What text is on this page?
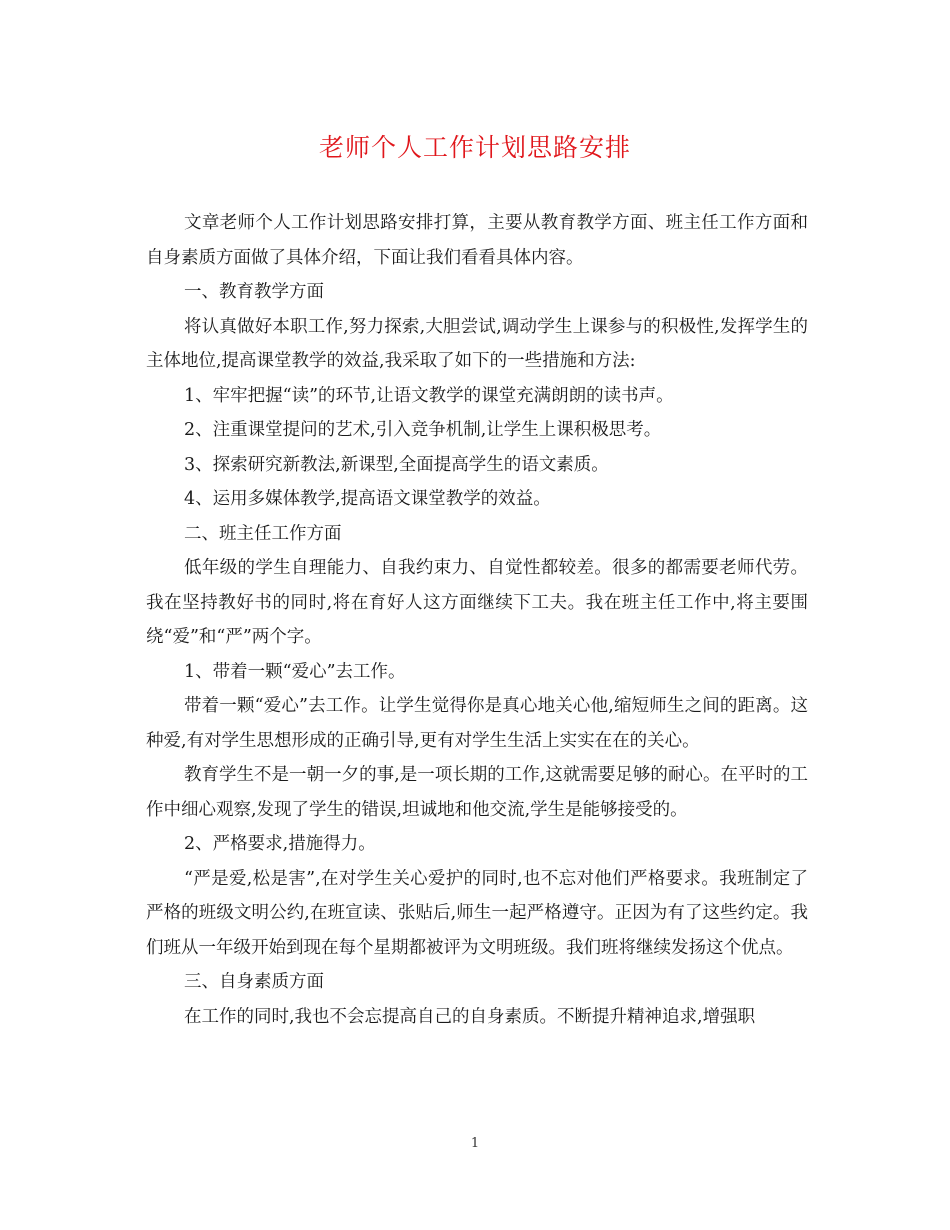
老师个人工作计划思路安排

文章老师个人工作计划思路安排打算，主要从教育教学方面、班主任工作方面和自身素质方面做了具体介绍，下面让我们看看具体内容。

一、教育教学方面

将认真做好本职工作,努力探索,大胆尝试,调动学生上课参与的积极性,发挥学生的主体地位,提高课堂教学的效益,我采取了如下的一些措施和方法:

1、牢牢把握“读”的环节,让语文教学的课堂充满朗朗的读书声。

2、注重课堂提问的艺术,引入竞争机制,让学生上课积极思考。

3、探索研究新教法,新课型,全面提高学生的语文素质。

4、运用多媒体教学,提高语文课堂教学的效益。

二、班主任工作方面

低年级的学生自理能力、自我约束力、自觉性都较差。很多的都需要老师代劳。我在坚持教好书的同时,将在育好人这方面继续下工夫。我在班主任工作中,将主要围绕“爱”和“严”两个字。

1、带着一颗“爱心”去工作。

带着一颗“爱心”去工作。让学生觉得你是真心地关心他,缩短师生之间的距离。这种爱,有对学生思想形成的正确引导,更有对学生生活上实实在在的关心。

教育学生不是一朝一夕的事,是一项长期的工作,这就需要足够的耐心。在平时的工作中细心观察,发现了学生的错误,坦诚地和他交流,学生是能够接受的。

2、严格要求,措施得力。

“严是爱,松是害”,在对学生关心爱护的同时,也不忘对他们严格要求。我班制定了严格的班级文明公约,在班宣读、张贴后,师生一起严格遵守。正因为有了这些约定。我们班从一年级开始到现在每个星期都被评为文明班级。我们班将继续发扬这个优点。

三、自身素质方面

在工作的同时,我也不会忘提高自己的自身素质。不断提升精神追求,增强职

1
